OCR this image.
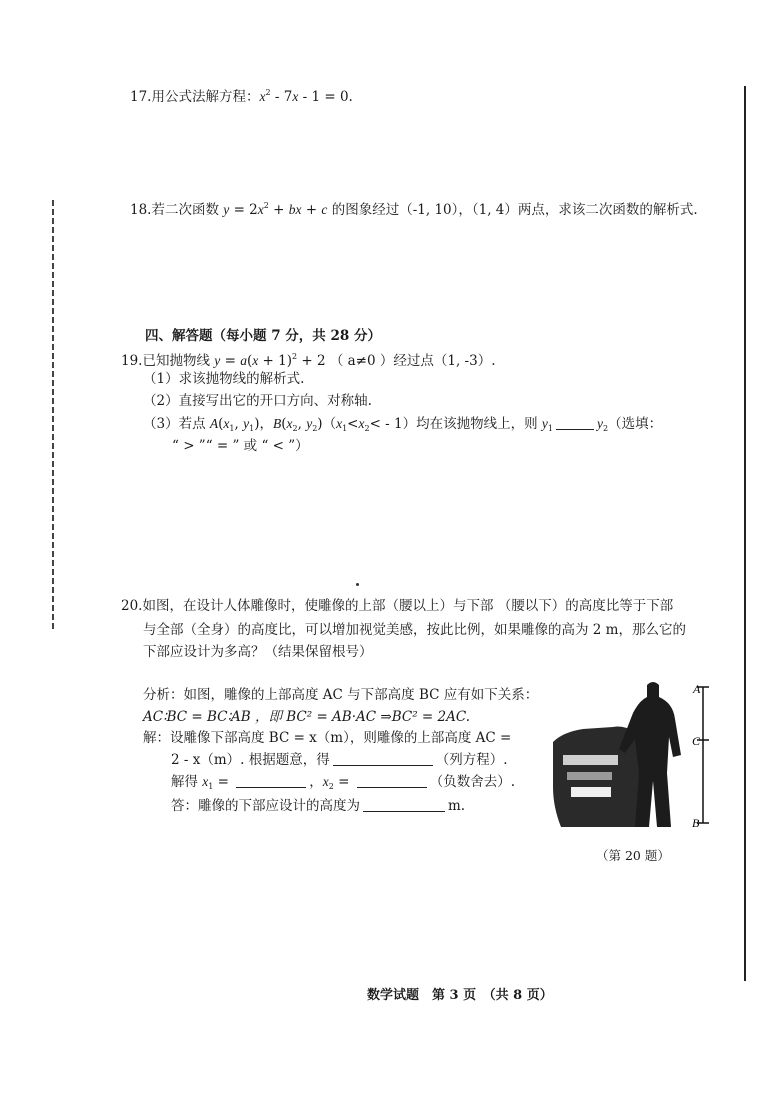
17.用公式法解方程：$x^2 - 7x - 1 = 0$.
18.若二次函数 $y = 2x^2$ + bx + c 的图象经过（-1, 10），（1, 4）两点，求该二次函数的解析式.
四、解答题（每小题 7 分，共 28 分）
19.已知抛物线 $y = a(x + 1)^2 + 2$ （ a≠0 ）经过点（1, -3）.
（1）求该抛物线的解析式.
（2）直接写出它的开口方向、对称轴.
（3）若点 $A(x_1$, $y_1$)，$B(x_2$, $y_2)(x_1<x_2< - 1)$均在该抛物线上，则 $y_1$	$y_2$（选填：
“ > ”“ = ” 或 “ < ”）
20.如图，在设计人体雕像时，使雕像的上部（腰以上）与下部 （腰以下）的高度比等于下部
与全部（全身）的高度比，可以增加视觉美感，按此比例，如果雕像的高为 2 m，那么它的
下部应设计为多高？（结果保留根号）
分析：如图，雕像的上部高度 AC 与下部高度 BC 应有如下关系：
AC∶BC = BC∶AB ，即 BC² = AB·AC ⇒BC² = 2AC.
解：设雕像下部高度 BC = x（m），则雕像的上部高度 AC =
2 - x（m）. 根据题意，得	（列方程）.
解得 $x_1$ =	，$x_2$ =	（负数舍去）.
答：雕像的下部应设计的高度为	m.
A
C
B
（第 20 题）
数学试题　第 3 页　（共 8 页）
